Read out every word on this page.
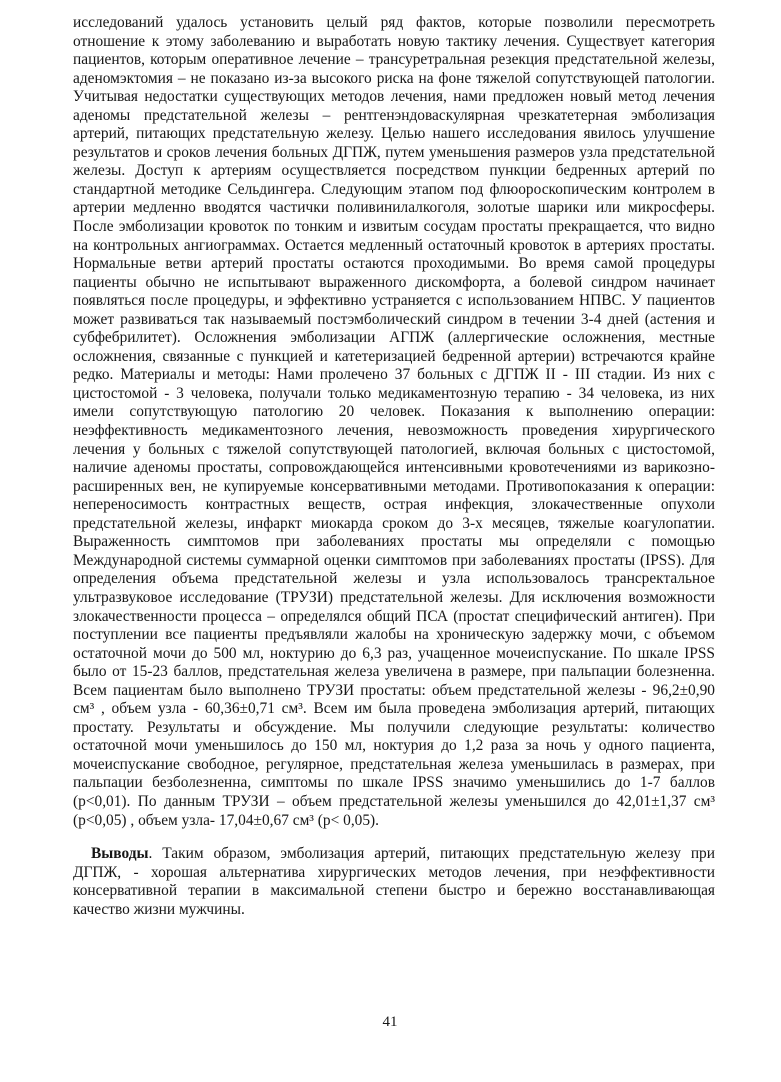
исследований удалось установить целый ряд фактов, которые позволили пересмотреть отношение к этому заболеванию и выработать новую тактику лечения. Существует категория пациентов, которым оперативное лечение – трансуретральная резекция предстательной железы, аденомэктомия – не показано из-за высокого риска на фоне тяжелой сопутствующей патологии. Учитывая недостатки существующих методов лечения, нами предложен новый метод лечения аденомы предстательной железы – рентгенэндоваскулярная чрезкатетерная эмболизация артерий, питающих предстательную железу. Целью нашего исследования явилось улучшение результатов и сроков лечения больных ДГПЖ, путем уменьшения размеров узла предстательной железы. Доступ к артериям осуществляется посредством пункции бедренных артерий по стандартной методике Сельдингера. Следующим этапом под флюороскопическим контролем в артерии медленно вводятся частички поливинилалкоголя, золотые шарики или микросферы. После эмболизации кровоток по тонким и извитым сосудам простаты прекращается, что видно на контрольных ангиограммах. Остается медленный остаточный кровоток в артериях простаты. Нормальные ветви артерий простаты остаются проходимыми. Во время самой процедуры пациенты обычно не испытывают выраженного дискомфорта, а болевой синдром начинает появляться после процедуры, и эффективно устраняется с использованием НПВС. У пациентов может развиваться так называемый постэмболический синдром в течении 3-4 дней (астения и субфебрилитет). Осложнения эмболизации АГПЖ (аллергические осложнения, местные осложнения, связанные с пункцией и катетеризацией бедренной артерии) встречаются крайне редко. Материалы и методы: Нами пролечено 37 больных с ДГПЖ II - III стадии. Из них с цистостомой - 3 человека, получали только медикаментозную терапию - 34 человека, из них имели сопутствующую патологию 20 человек. Показания к выполнению операции: неэффективность медикаментозного лечения, невозможность проведения хирургического лечения у больных с тяжелой сопутствующей патологией, включая больных с цистостомой, наличие аденомы простаты, сопровождающейся интенсивными кровотечениями из варикозно-расширенных вен, не купируемые консервативными методами. Противопоказания к операции: непереносимость контрастных веществ, острая инфекция, злокачественные опухоли предстательной железы, инфаркт миокарда сроком до 3-х месяцев, тяжелые коагулопатии. Выраженность симптомов при заболеваниях простаты мы определяли с помощью Международной системы суммарной оценки симптомов при заболеваниях простаты (IPSS). Для определения объема предстательной железы и узла использовалось трансректальное ультразвуковое исследование (ТРУЗИ) предстательной железы. Для исключения возможности злокачественности процесса – определялся общий ПСА (простат специфический антиген). При поступлении все пациенты предъявляли жалобы на хроническую задержку мочи, с объемом остаточной мочи до 500 мл, ноктурию до 6,3 раз, учащенное мочеиспускание. По шкале IPSS было от 15-23 баллов, предстательная железа увеличена в размере, при пальпации болезненна. Всем пациентам было выполнено ТРУЗИ простаты: объем предстательной железы - 96,2±0,90 см³ , объем узла - 60,36±0,71 см³. Всем им была проведена эмболизация артерий, питающих простату. Результаты и обсуждение. Мы получили следующие результаты: количество остаточной мочи уменьшилось до 150 мл, ноктурия до 1,2 раза за ночь у одного пациента, мочеиспускание свободное, регулярное, предстательная железа уменьшилась в размерах, при пальпации безболезненна, симптомы по шкале IPSS значимо уменьшились до 1-7 баллов (p<0,01). По данным ТРУЗИ – объем предстательной железы уменьшился до 42,01±1,37 см³ (p<0,05) , объем узла- 17,04±0,67 см³ (p< 0,05).

Выводы. Таким образом, эмболизация артерий, питающих предстательную железу при ДГПЖ, - хорошая альтернатива хирургических методов лечения, при неэффективности консервативной терапии в максимальной степени быстро и бережно восстанавливающая качество жизни мужчины.

41
